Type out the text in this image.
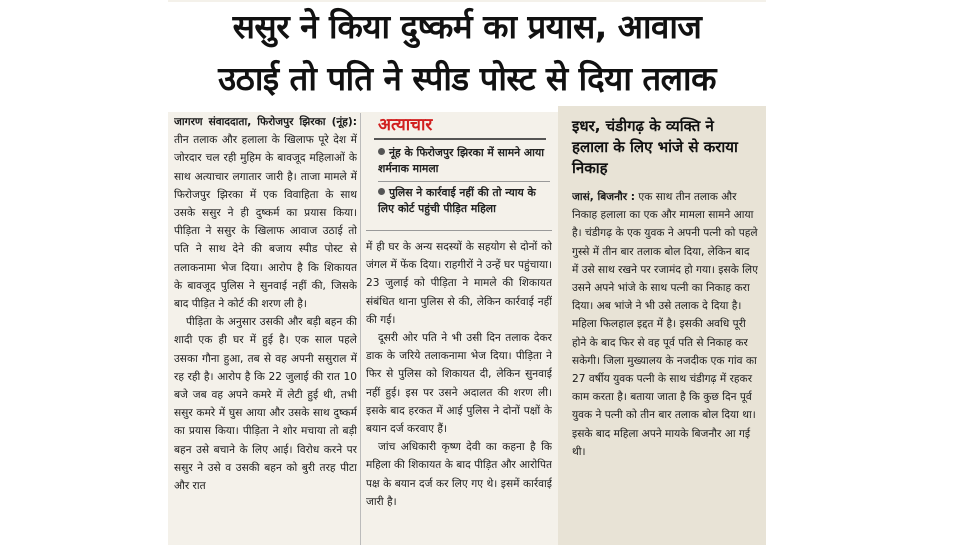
ससुर ने किया दुष्कर्म का प्रयास, आवाज
उठाई तो पति ने स्पीड पोस्ट से दिया तलाक

जागरण संवाददाता, फिरोजपुर झिरका (नूंह): तीन तलाक और हलाला के खिलाफ पूरे देश में जोरदार चल रही मुहिम के बावजूद महिलाओं के साथ अत्याचार लगातार जारी है। ताजा मामले में फिरोजपुर झिरका में एक विवाहिता के साथ उसके ससुर ने ही दुष्कर्म का प्रयास किया। पीड़िता ने ससुर के खिलाफ आवाज उठाई तो पति ने साथ देने की बजाय स्पीड पोस्ट से तलाकनामा भेज दिया। आरोप है कि शिकायत के बावजूद पुलिस ने सुनवाई नहीं की, जिसके बाद पीड़ित ने कोर्ट की शरण ली है।

पीड़िता के अनुसार उसकी और बड़ी बहन की शादी एक ही घर में हुई है। एक साल पहले उसका गौना हुआ, तब से वह अपनी ससुराल में रह रही है। आरोप है कि 22 जुलाई की रात 10 बजे जब वह अपने कमरे में लेटी हुई थी, तभी ससुर कमरे में घुस आया और उसके साथ दुष्कर्म का प्रयास किया। पीड़िता ने शोर मचाया तो बड़ी बहन उसे बचाने के लिए आई। विरोध करने पर ससुर ने उसे व उसकी बहन को बुरी तरह पीटा और रात

अत्याचार
नूंह के फिरोजपुर झिरका में सामने आया शर्मनाक मामला
पुलिस ने कार्रवाई नहीं की तो न्याय के लिए कोर्ट पहुंची पीड़ित महिला

में ही घर के अन्य सदस्यों के सहयोग से दोनों को जंगल में फेंक दिया। राहगीरों ने उन्हें घर पहुंचाया। 23 जुलाई को पीड़िता ने मामले की शिकायत संबंधित थाना पुलिस से की, लेकिन कार्रवाई नहीं की गई।

दूसरी ओर पति ने भी उसी दिन तलाक देकर डाक के जरिये तलाकनामा भेज दिया। पीड़िता ने फिर से पुलिस को शिकायत दी, लेकिन सुनवाई नहीं हुई। इस पर उसने अदालत की शरण ली। इसके बाद हरकत में आई पुलिस ने दोनों पक्षों के बयान दर्ज करवाए हैं।

जांच अधिकारी कृष्ण देवी का कहना है कि महिला की शिकायत के बाद पीड़ित और आरोपित पक्ष के बयान दर्ज कर लिए गए थे। इसमें कार्रवाई जारी है।

इधर, चंडीगढ़ के व्यक्ति ने हलाला के लिए भांजे से कराया निकाह

जासं, बिजनौर : एक साथ तीन तलाक और निकाह हलाला का एक और मामला सामने आया है। चंडीगढ़ के एक युवक ने अपनी पत्नी को पहले गुस्से में तीन बार तलाक बोल दिया, लेकिन बाद में उसे साथ रखने पर रजामंद हो गया। इसके लिए उसने अपने भांजे के साथ पत्नी का निकाह करा दिया। अब भांजे ने भी उसे तलाक दे दिया है। महिला फिलहाल इद्दत में है। इसकी अवधि पूरी होने के बाद फिर से वह पूर्व पति से निकाह कर सकेगी। जिला मुख्यालय के नजदीक एक गांव का 27 वर्षीय युवक पत्नी के साथ चंडीगढ़ में रहकर काम करता है। बताया जाता है कि कुछ दिन पूर्व युवक ने पत्नी को तीन बार तलाक बोल दिया था। इसके बाद महिला अपने मायके बिजनौर आ गई थी।
